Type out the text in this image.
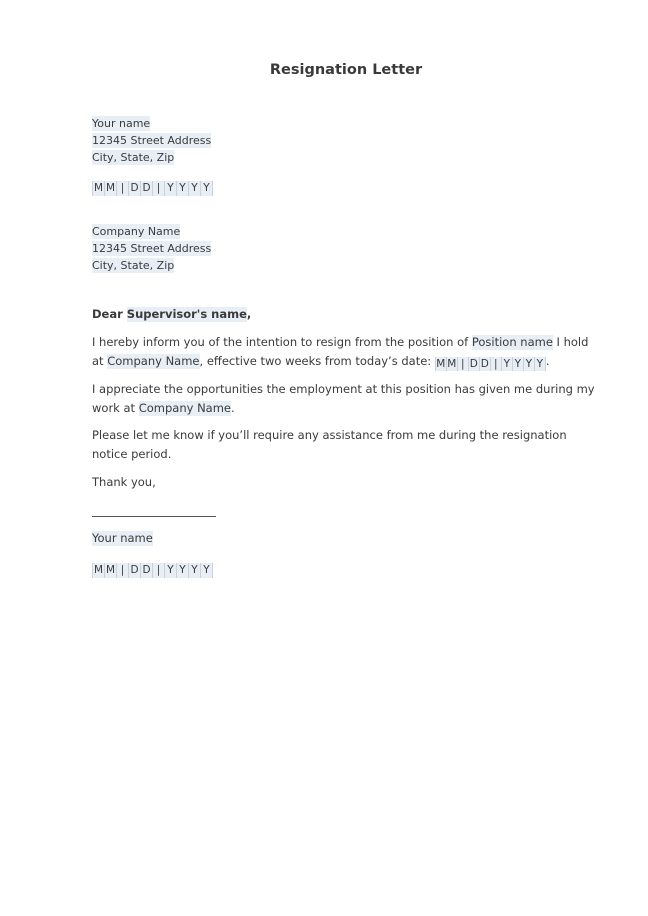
Resignation Letter
Your name
12345 Street Address
City, State, Zip
M M | D D | Y Y Y Y
Company Name
12345 Street Address
City, State, Zip
Dear Supervisor's name,
I hereby inform you of the intention to resign from the position of Position name I hold at Company Name, effective two weeks from today’s date: M M | D D | Y Y Y Y .
I appreciate the opportunities the employment at this position has given me during my work at Company Name.
Please let me know if you’ll require any assistance from me during the resignation notice period.
Thank you,
Your name
M M | D D | Y Y Y Y
